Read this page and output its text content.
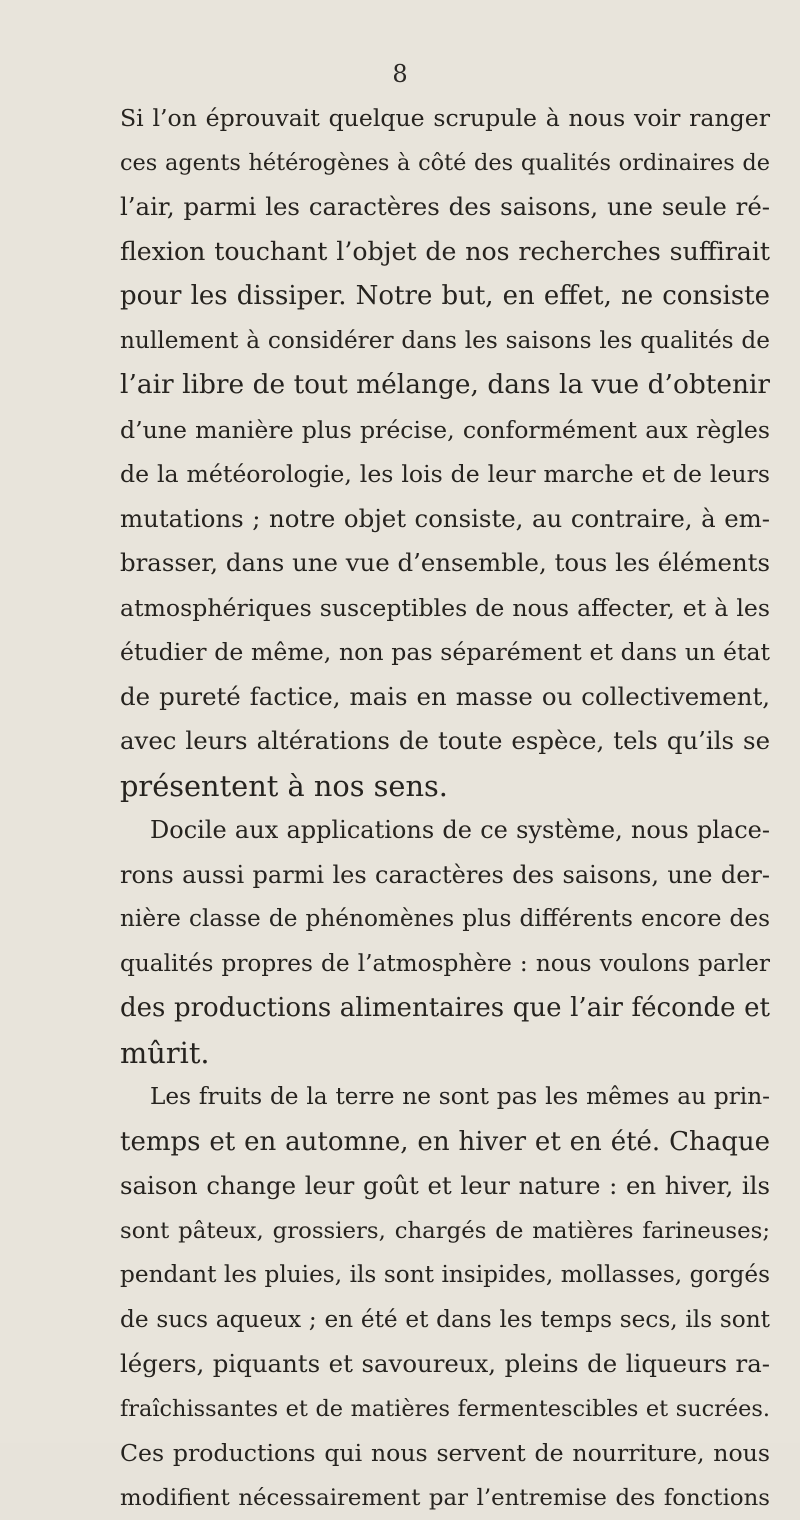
8
Si l’on éprouvait quelque scrupule à nous voir ranger
ces agents hétérogènes à côté des qualités ordinaires de
l’air, parmi les caractères des saisons, une seule ré-
flexion touchant l’objet de nos recherches suffirait
pour les dissiper. Notre but, en effet, ne consiste
nullement à considérer dans les saisons les qualités de
l’air libre de tout mélange, dans la vue d’obtenir
d’une manière plus précise, conformément aux règles
de la météorologie, les lois de leur marche et de leurs
mutations ; notre objet consiste, au contraire, à em-
brasser, dans une vue d’ensemble, tous les éléments
atmosphériques susceptibles de nous affecter, et à les
étudier de même, non pas séparément et dans un état
de pureté factice, mais en masse ou collectivement,
avec leurs altérations de toute espèce, tels qu’ils se
présentent à nos sens.
Docile aux applications de ce système, nous place-
rons aussi parmi les caractères des saisons, une der-
nière classe de phénomènes plus différents encore des
qualités propres de l’atmosphère : nous voulons parler
des productions alimentaires que l’air féconde et
mûrit.
Les fruits de la terre ne sont pas les mêmes au prin-
temps et en automne, en hiver et en été. Chaque
saison change leur goût et leur nature : en hiver, ils
sont pâteux, grossiers, chargés de matières farineuses;
pendant les pluies, ils sont insipides, mollasses, gorgés
de sucs aqueux ; en été et dans les temps secs, ils sont
légers, piquants et savoureux, pleins de liqueurs ra-
fraîchissantes et de matières fermentescibles et sucrées.
Ces productions qui nous servent de nourriture, nous
modifient nécessairement par l’entremise des fonctions
